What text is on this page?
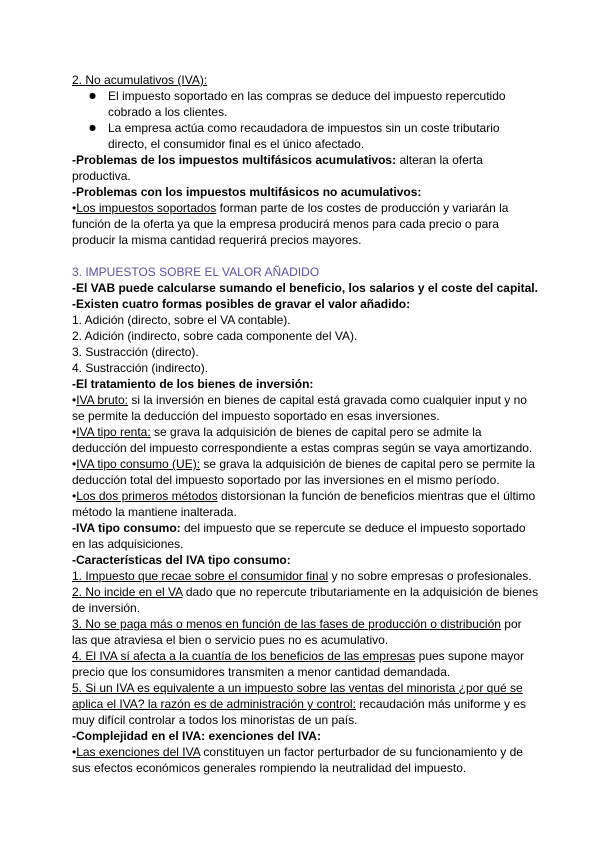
2. No acumulativos (IVA):
● El impuesto soportado en las compras se deduce del impuesto repercutido
cobrado a los clientes.
● La empresa actúa como recaudadora de impuestos sin un coste tributario
directo, el consumidor final es el único afectado.
-Problemas de los impuestos multifásicos acumulativos: alteran la oferta
productiva.
-Problemas con los impuestos multifásicos no acumulativos:
•Los impuestos soportados forman parte de los costes de producción y variarán la
función de la oferta ya que la empresa producirá menos para cada precio o para
producir la misma cantidad requerirá precios mayores.
3. IMPUESTOS SOBRE EL VALOR AÑADIDO
-El VAB puede calcularse sumando el beneficio, los salarios y el coste del capital.
-Existen cuatro formas posibles de gravar el valor añadido:
1. Adición (directo, sobre el VA contable).
2. Adición (indirecto, sobre cada componente del VA).
3. Sustracción (directo).
4. Sustracción (indirecto).
-El tratamiento de los bienes de inversión:
•IVA bruto: si la inversión en bienes de capital está gravada como cualquier input y no
se permite la deducción del impuesto soportado en esas inversiones.
•IVA tipo renta: se grava la adquisición de bienes de capital pero se admite la
deducción del impuesto correspondiente a estas compras según se vaya amortizando.
•IVA tipo consumo (UE): se grava la adquisición de bienes de capital pero se permite la
deducción total del impuesto soportado por las inversiones en el mismo período.
•Los dos primeros métodos distorsionan la función de beneficios mientras que el último
método la mantiene inalterada.
-IVA tipo consumo: del impuesto que se repercute se deduce el impuesto soportado
en las adquisiciones.
-Características del IVA tipo consumo:
1. Impuesto que recae sobre el consumidor final y no sobre empresas o profesionales.
2. No incide en el VA dado que no repercute tributariamente en la adquisición de bienes
de inversión.
3. No se paga más o menos en función de las fases de producción o distribución por
las que atraviesa el bien o servicio pues no es acumulativo.
4. El IVA sí afecta a la cuantía de los beneficios de las empresas pues supone mayor
precio que los consumidores transmiten a menor cantidad demandada.
5. Si un IVA es equivalente a un impuesto sobre las ventas del minorista ¿por qué se
aplica el IVA? la razón es de administración y control: recaudación más uniforme y es
muy difícil controlar a todos los minoristas de un país.
-Complejidad en el IVA: exenciones del IVA:
•Las exenciones del IVA constituyen un factor perturbador de su funcionamiento y de
sus efectos económicos generales rompiendo la neutralidad del impuesto.
